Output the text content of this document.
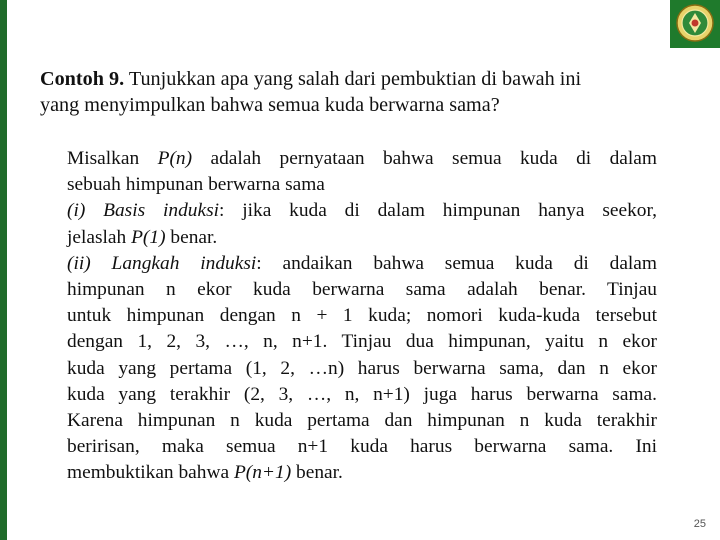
Contoh 9. Tunjukkan apa yang salah dari pembuktian di bawah ini
yang menyimpulkan bahwa semua kuda berwarna sama?
Misalkan P(n) adalah pernyataan bahwa semua kuda di dalam
sebuah himpunan berwarna sama
(i) Basis induksi: jika kuda di dalam himpunan hanya seekor,
jelaslah P(1) benar.
(ii) Langkah induksi: andaikan bahwa semua kuda di dalam
himpunan n ekor kuda berwarna sama adalah benar. Tinjau
untuk himpunan dengan n + 1 kuda; nomori kuda-kuda tersebut
dengan 1, 2, 3, …, n, n+1. Tinjau dua himpunan, yaitu n ekor
kuda yang pertama (1, 2, …n) harus berwarna sama, dan n ekor
kuda yang terakhir (2, 3, …, n, n+1) juga harus berwarna sama.
Karena himpunan n kuda pertama dan himpunan n kuda terakhir
beririsan, maka semua n+1 kuda harus berwarna sama. Ini
membuktikan bahwa P(n+1) benar.
25
